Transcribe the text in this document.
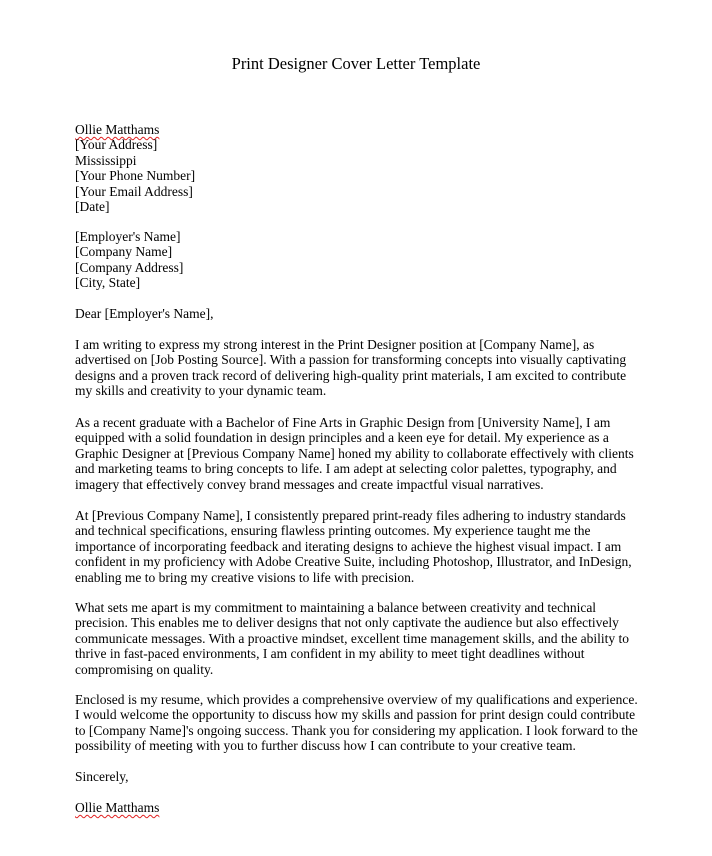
Print Designer Cover Letter Template
Ollie Matthams
[Your Address]
Mississippi
[Your Phone Number]
[Your Email Address]
[Date]
[Employer's Name]
[Company Name]
[Company Address]
[City, State]
Dear [Employer's Name],

I am writing to express my strong interest in the Print Designer position at [Company Name], as advertised on [Job Posting Source]. With a passion for transforming concepts into visually captivating designs and a proven track record of delivering high-quality print materials, I am excited to contribute my skills and creativity to your dynamic team.

As a recent graduate with a Bachelor of Fine Arts in Graphic Design from [University Name], I am equipped with a solid foundation in design principles and a keen eye for detail. My experience as a Graphic Designer at [Previous Company Name] honed my ability to collaborate effectively with clients and marketing teams to bring concepts to life. I am adept at selecting color palettes, typography, and imagery that effectively convey brand messages and create impactful visual narratives.

At [Previous Company Name], I consistently prepared print-ready files adhering to industry standards and technical specifications, ensuring flawless printing outcomes. My experience taught me the importance of incorporating feedback and iterating designs to achieve the highest visual impact. I am confident in my proficiency with Adobe Creative Suite, including Photoshop, Illustrator, and InDesign, enabling me to bring my creative visions to life with precision.

What sets me apart is my commitment to maintaining a balance between creativity and technical precision. This enables me to deliver designs that not only captivate the audience but also effectively communicate messages. With a proactive mindset, excellent time management skills, and the ability to thrive in fast-paced environments, I am confident in my ability to meet tight deadlines without compromising on quality.

Enclosed is my resume, which provides a comprehensive overview of my qualifications and experience. I would welcome the opportunity to discuss how my skills and passion for print design could contribute to [Company Name]'s ongoing success. Thank you for considering my application. I look forward to the possibility of meeting with you to further discuss how I can contribute to your creative team.

Sincerely,
Ollie Matthams
